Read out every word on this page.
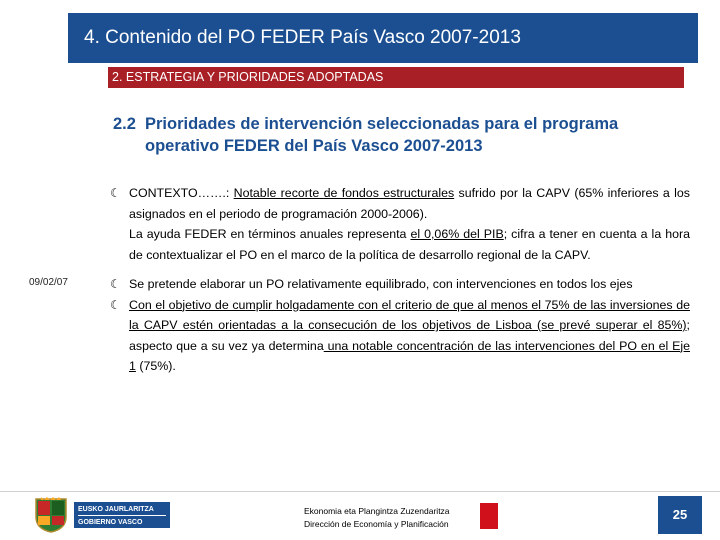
4. Contenido del PO FEDER País Vasco 2007-2013
2. ESTRATEGIA Y PRIORIDADES ADOPTADAS
09/02/07
2.2 Prioridades de intervención seleccionadas para el programa operativo FEDER del País Vasco 2007-2013
☾ CONTEXTO…….: Notable recorte de fondos estructurales sufrido por la CAPV (65% inferiores a los asignados en el periodo de programación 2000-2006).
La ayuda FEDER en términos anuales representa el 0,06% del PIB; cifra a tener en cuenta a la hora de contextualizar el PO en el marco de la política de desarrollo regional de la CAPV.
☾ Se pretende elaborar un PO relativamente equilibrado, con intervenciones en todos los ejes
☾ Con el objetivo de cumplir holgadamente con el criterio de que al menos el 75% de las inversiones de la CAPV estén orientadas a la consecución de los objetivos de Lisboa (se prevé superar el 85%); aspecto que a su vez ya determina una notable concentración de las intervenciones del PO en el Eje 1 (75%).
EUSKO JAURLARITZA
GOBIERNO VASCO
Ekonomia eta Plangintza Zuzendaritza
Dirección de Economía y Planificación
25
